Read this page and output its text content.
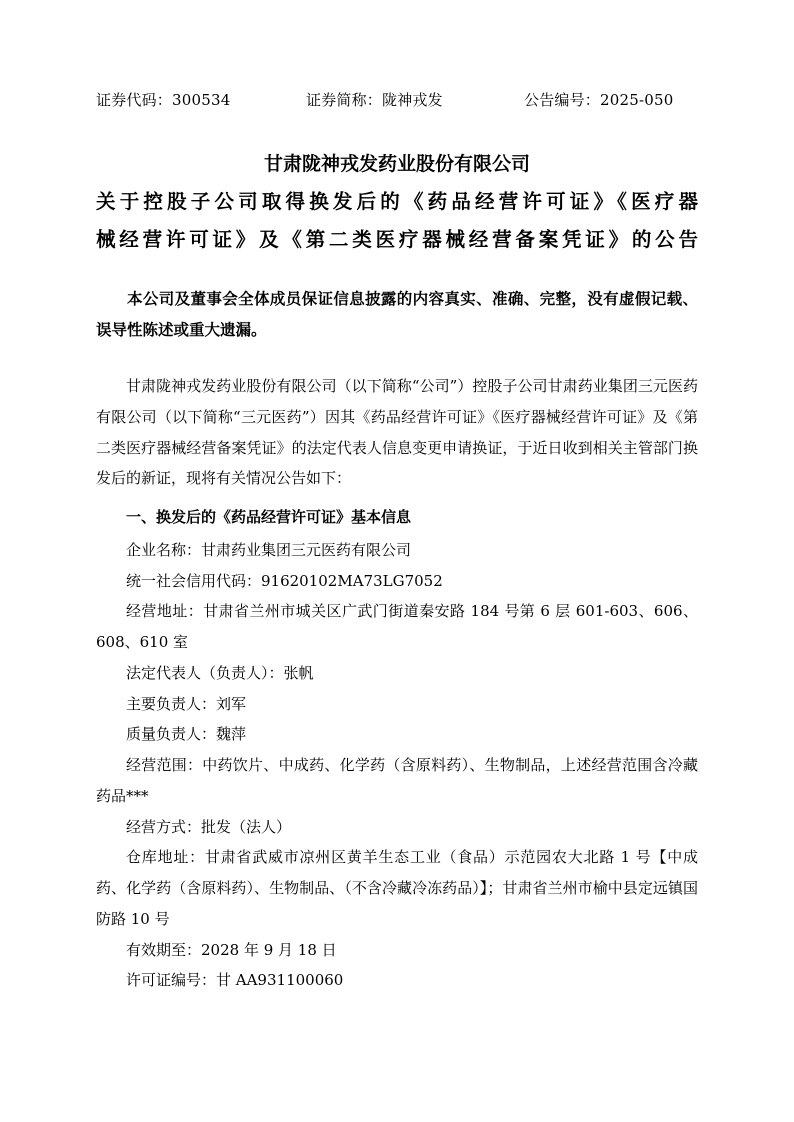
证券代码：300534	证券简称：陇神戎发	公告编号：2025-050
甘肃陇神戎发药业股份有限公司
关于控股子公司取得换发后的《药品经营许可证》《医疗器
械经营许可证》及《第二类医疗器械经营备案凭证》的公告
本公司及董事会全体成员保证信息披露的内容真实、准确、完整，没有虚假记载、误导性陈述或重大遗漏。

甘肃陇神戎发药业股份有限公司（以下简称“公司”）控股子公司甘肃药业集团三元医药有限公司（以下简称“三元医药”）因其《药品经营许可证》《医疗器械经营许可证》及《第二类医疗器械经营备案凭证》的法定代表人信息变更申请换证，于近日收到相关主管部门换发后的新证，现将有关情况公告如下：

一、换发后的《药品经营许可证》基本信息

企业名称：甘肃药业集团三元医药有限公司

统一社会信用代码：91620102MA73LG7052

经营地址：甘肃省兰州市城关区广武门街道秦安路 184 号第 6 层 601-603、606、608、610 室

法定代表人（负责人）：张帆

主要负责人：刘军

质量负责人：魏萍

经营范围：中药饮片、中成药、化学药（含原料药）、生物制品，上述经营范围含冷藏药品***

经营方式：批发（法人）

仓库地址：甘肃省武威市凉州区黄羊生态工业（食品）示范园农大北路 1 号【中成药、化学药（含原料药）、生物制品、（不含冷藏冷冻药品）】；甘肃省兰州市榆中县定远镇国防路 10 号

有效期至：2028 年 9 月 18 日

许可证编号：甘 AA931100060
